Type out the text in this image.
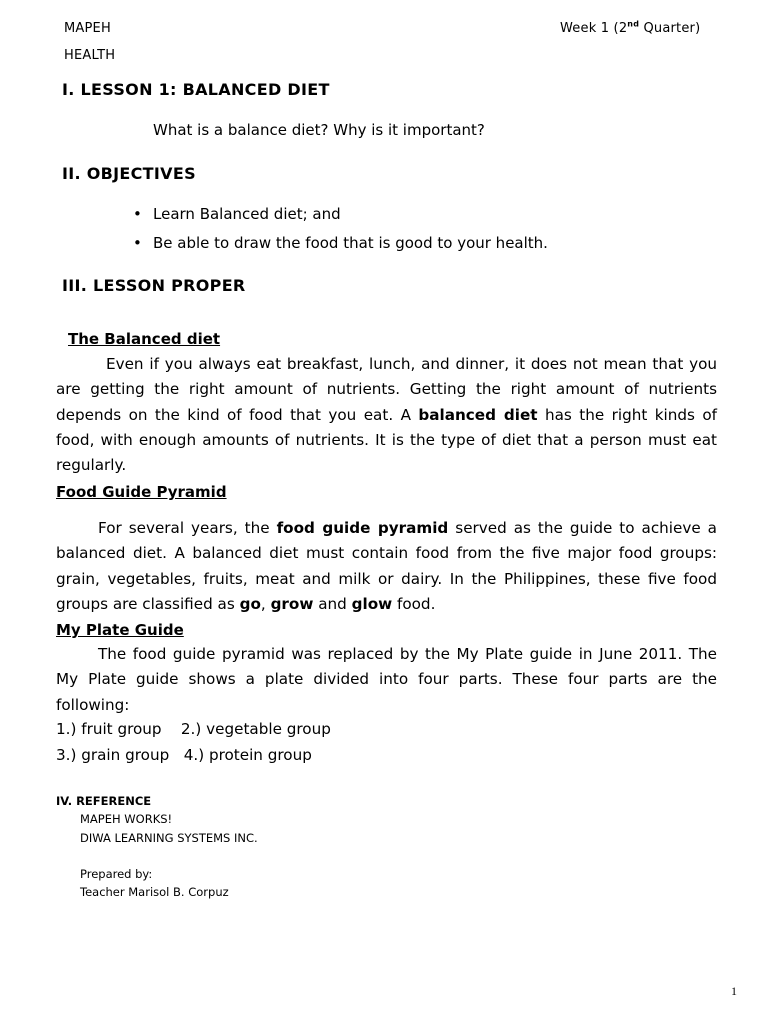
MAPEH
HEALTH
Week 1 (2nd Quarter)
I. LESSON 1: BALANCED DIET
What is a balance diet? Why is it important?
II. OBJECTIVES
• Learn Balanced diet; and
• Be able to draw the food that is good to your health.
III. LESSON PROPER
The Balanced diet
Even if you always eat breakfast, lunch, and dinner, it does not mean that you are getting the right amount of nutrients. Getting the right amount of nutrients depends on the kind of food that you eat. A balanced diet has the right kinds of food, with enough amounts of nutrients. It is the type of diet that a person must eat regularly.
Food Guide Pyramid
For several years, the food guide pyramid served as the guide to achieve a balanced diet. A balanced diet must contain food from the five major food groups: grain, vegetables, fruits, meat and milk or dairy. In the Philippines, these five food groups are classified as go, grow and glow food.
My Plate Guide
The food guide pyramid was replaced by the My Plate guide in June 2011. The My Plate guide shows a plate divided into four parts. These four parts are the following:
1.) fruit group    2.) vegetable group
3.) grain group   4.) protein group
IV. REFERENCE
MAPEH WORKS!
DIWA LEARNING SYSTEMS INC.
Prepared by:
Teacher Marisol B. Corpuz
1
